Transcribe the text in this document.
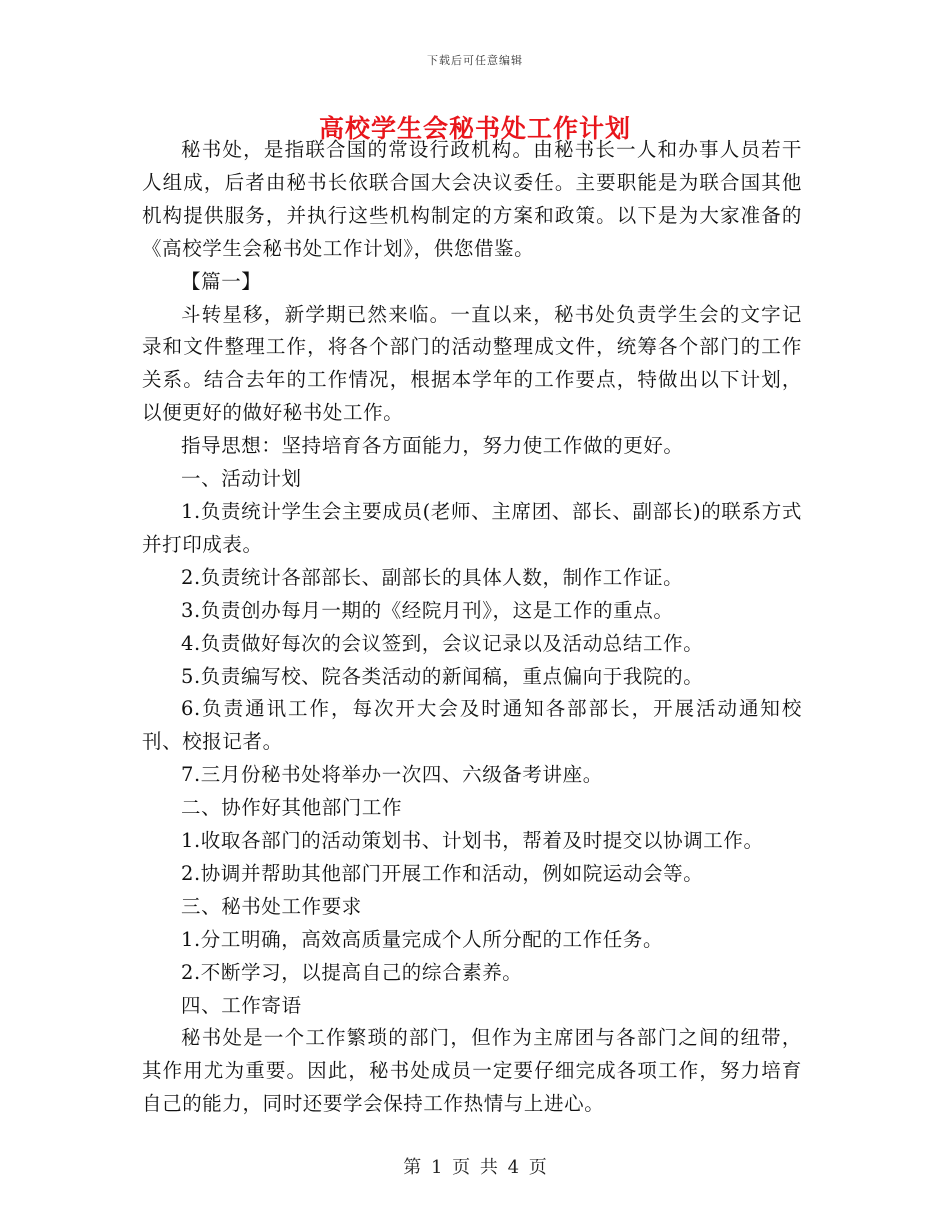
下载后可任意编辑
高校学生会秘书处工作计划

秘书处，是指联合国的常设行政机构。由秘书长一人和办事人员若干人组成，后者由秘书长依联合国大会决议委任。主要职能是为联合国其他机构提供服务，并执行这些机构制定的方案和政策。以下是为大家准备的《高校学生会秘书处工作计划》，供您借鉴。

【篇一】

斗转星移，新学期已然来临。一直以来，秘书处负责学生会的文字记录和文件整理工作，将各个部门的活动整理成文件，统筹各个部门的工作关系。结合去年的工作情况，根据本学年的工作要点，特做出以下计划，以便更好的做好秘书处工作。

指导思想：坚持培育各方面能力，努力使工作做的更好。

一、活动计划

1.负责统计学生会主要成员(老师、主席团、部长、副部长)的联系方式并打印成表。

2.负责统计各部部长、副部长的具体人数，制作工作证。

3.负责创办每月一期的《经院月刊》，这是工作的重点。

4.负责做好每次的会议签到，会议记录以及活动总结工作。

5.负责编写校、院各类活动的新闻稿，重点偏向于我院的。

6.负责通讯工作，每次开大会及时通知各部部长，开展活动通知校刊、校报记者。

7.三月份秘书处将举办一次四、六级备考讲座。

二、协作好其他部门工作

1.收取各部门的活动策划书、计划书，帮着及时提交以协调工作。

2.协调并帮助其他部门开展工作和活动，例如院运动会等。

三、秘书处工作要求

1.分工明确，高效高质量完成个人所分配的工作任务。

2.不断学习，以提高自己的综合素养。

四、工作寄语

秘书处是一个工作繁琐的部门，但作为主席团与各部门之间的纽带，其作用尤为重要。因此，秘书处成员一定要仔细完成各项工作，努力培育自己的能力，同时还要学会保持工作热情与上进心。

第 1 页 共 4 页
